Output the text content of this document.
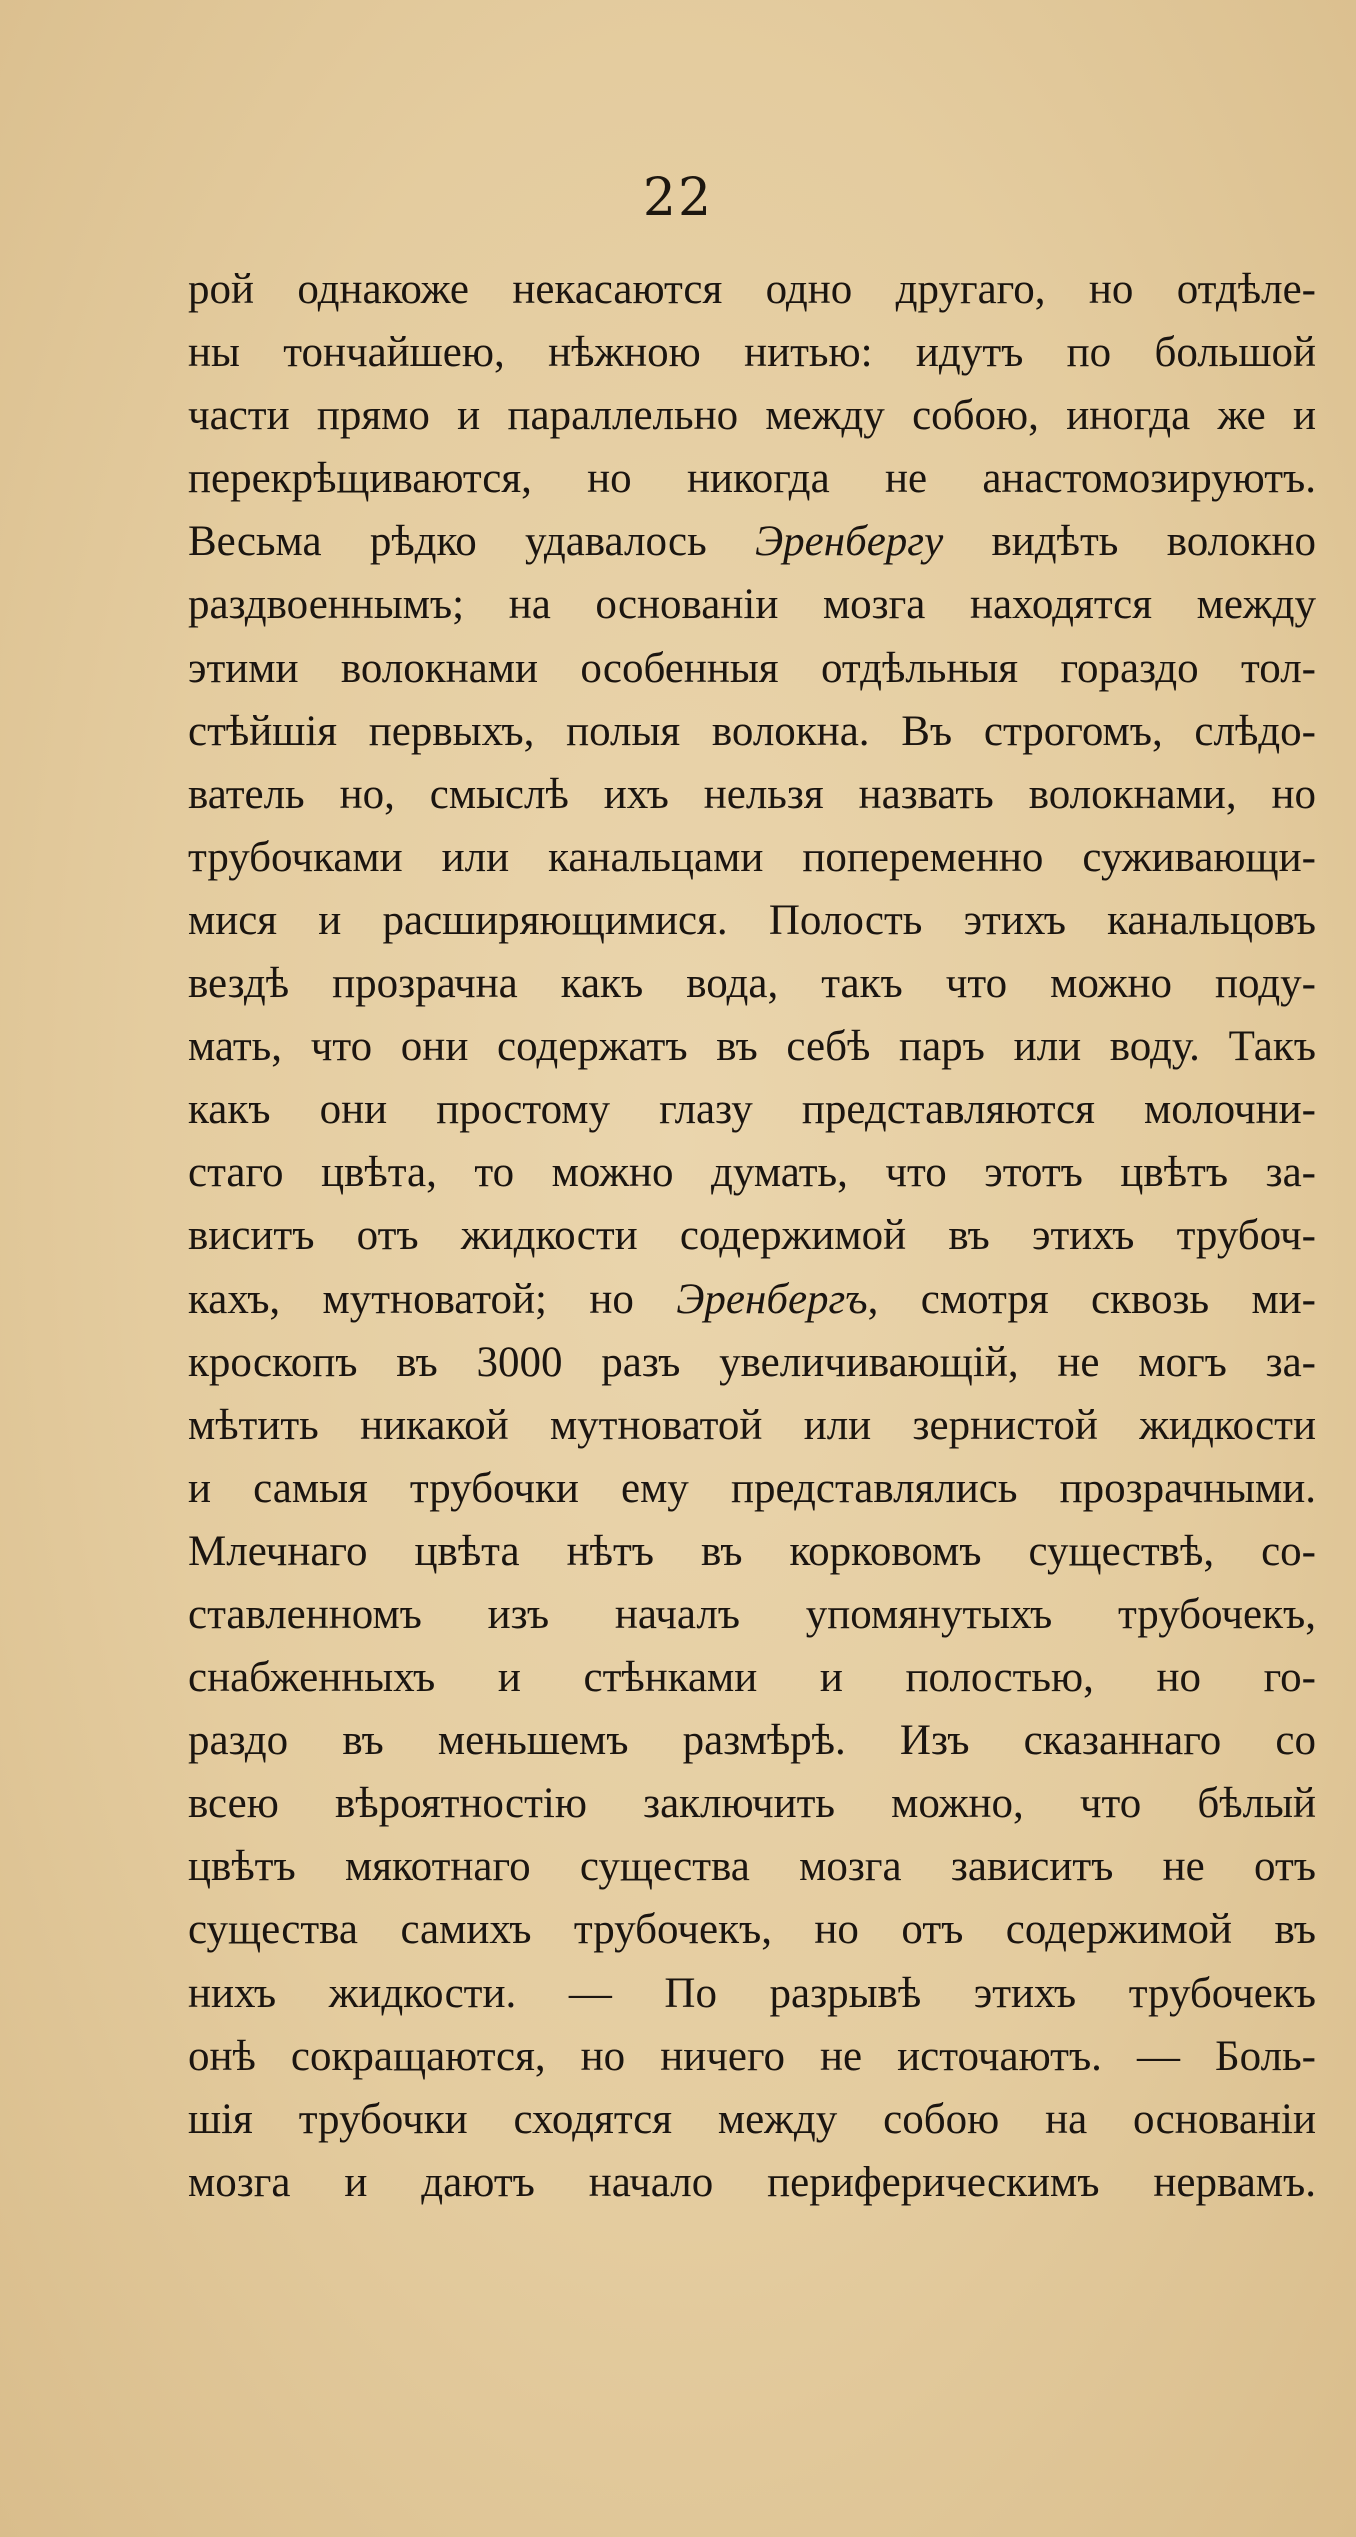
22
рой однакоже некасаются одно другаго, но отдѣле-
ны тончайшею, нѣжною нитью: идутъ по большой
части прямо и параллельно между собою, иногда же и
перекрѣщиваются, но никогда не анастомозируютъ.
Весьма рѣдко удавалось Эренбергу видѣть волокно
раздвоеннымъ; на основаніи мозга находятся между
этими волокнами особенныя отдѣльныя гораздо тол-
стѣйшія первыхъ, полыя волокна. Въ строгомъ, слѣдо-
ватель но, смыслѣ ихъ нельзя назвать волокнами, но
трубочками или канальцами попеременно суживающи-
мися и расширяющимися. Полость этихъ канальцовъ
вездѣ прозрачна какъ вода, такъ что можно поду-
мать, что они содержатъ въ себѣ паръ или воду. Такъ
какъ они простому глазу представляются молочни-
стаго цвѣта, то можно думать, что этотъ цвѣтъ за-
виситъ отъ жидкости содержимой въ этихъ трубоч-
кахъ, мутноватой; но Эренбергъ, смотря сквозь ми-
кроскопъ въ 3000 разъ увеличивающій, не могъ за-
мѣтить никакой мутноватой или зернистой жидкости
и самыя трубочки ему представлялись прозрачными.
Млечнаго цвѣта нѣтъ въ корковомъ существѣ, со-
ставленномъ изъ началъ упомянутыхъ трубочекъ,
снабженныхъ и стѣнками и полостью, но го-
раздо въ меньшемъ размѣрѣ. Изъ сказаннаго со
всею вѣроятностію заключить можно, что бѣлый
цвѣтъ мякотнаго существа мозга зависитъ не отъ
существа самихъ трубочекъ, но отъ содержимой въ
нихъ жидкости. — По разрывѣ этихъ трубочекъ
онѣ сокращаются, но ничего не источаютъ. — Боль-
шія трубочки сходятся между собою на основаніи
мозга и даютъ начало периферическимъ нервамъ.
